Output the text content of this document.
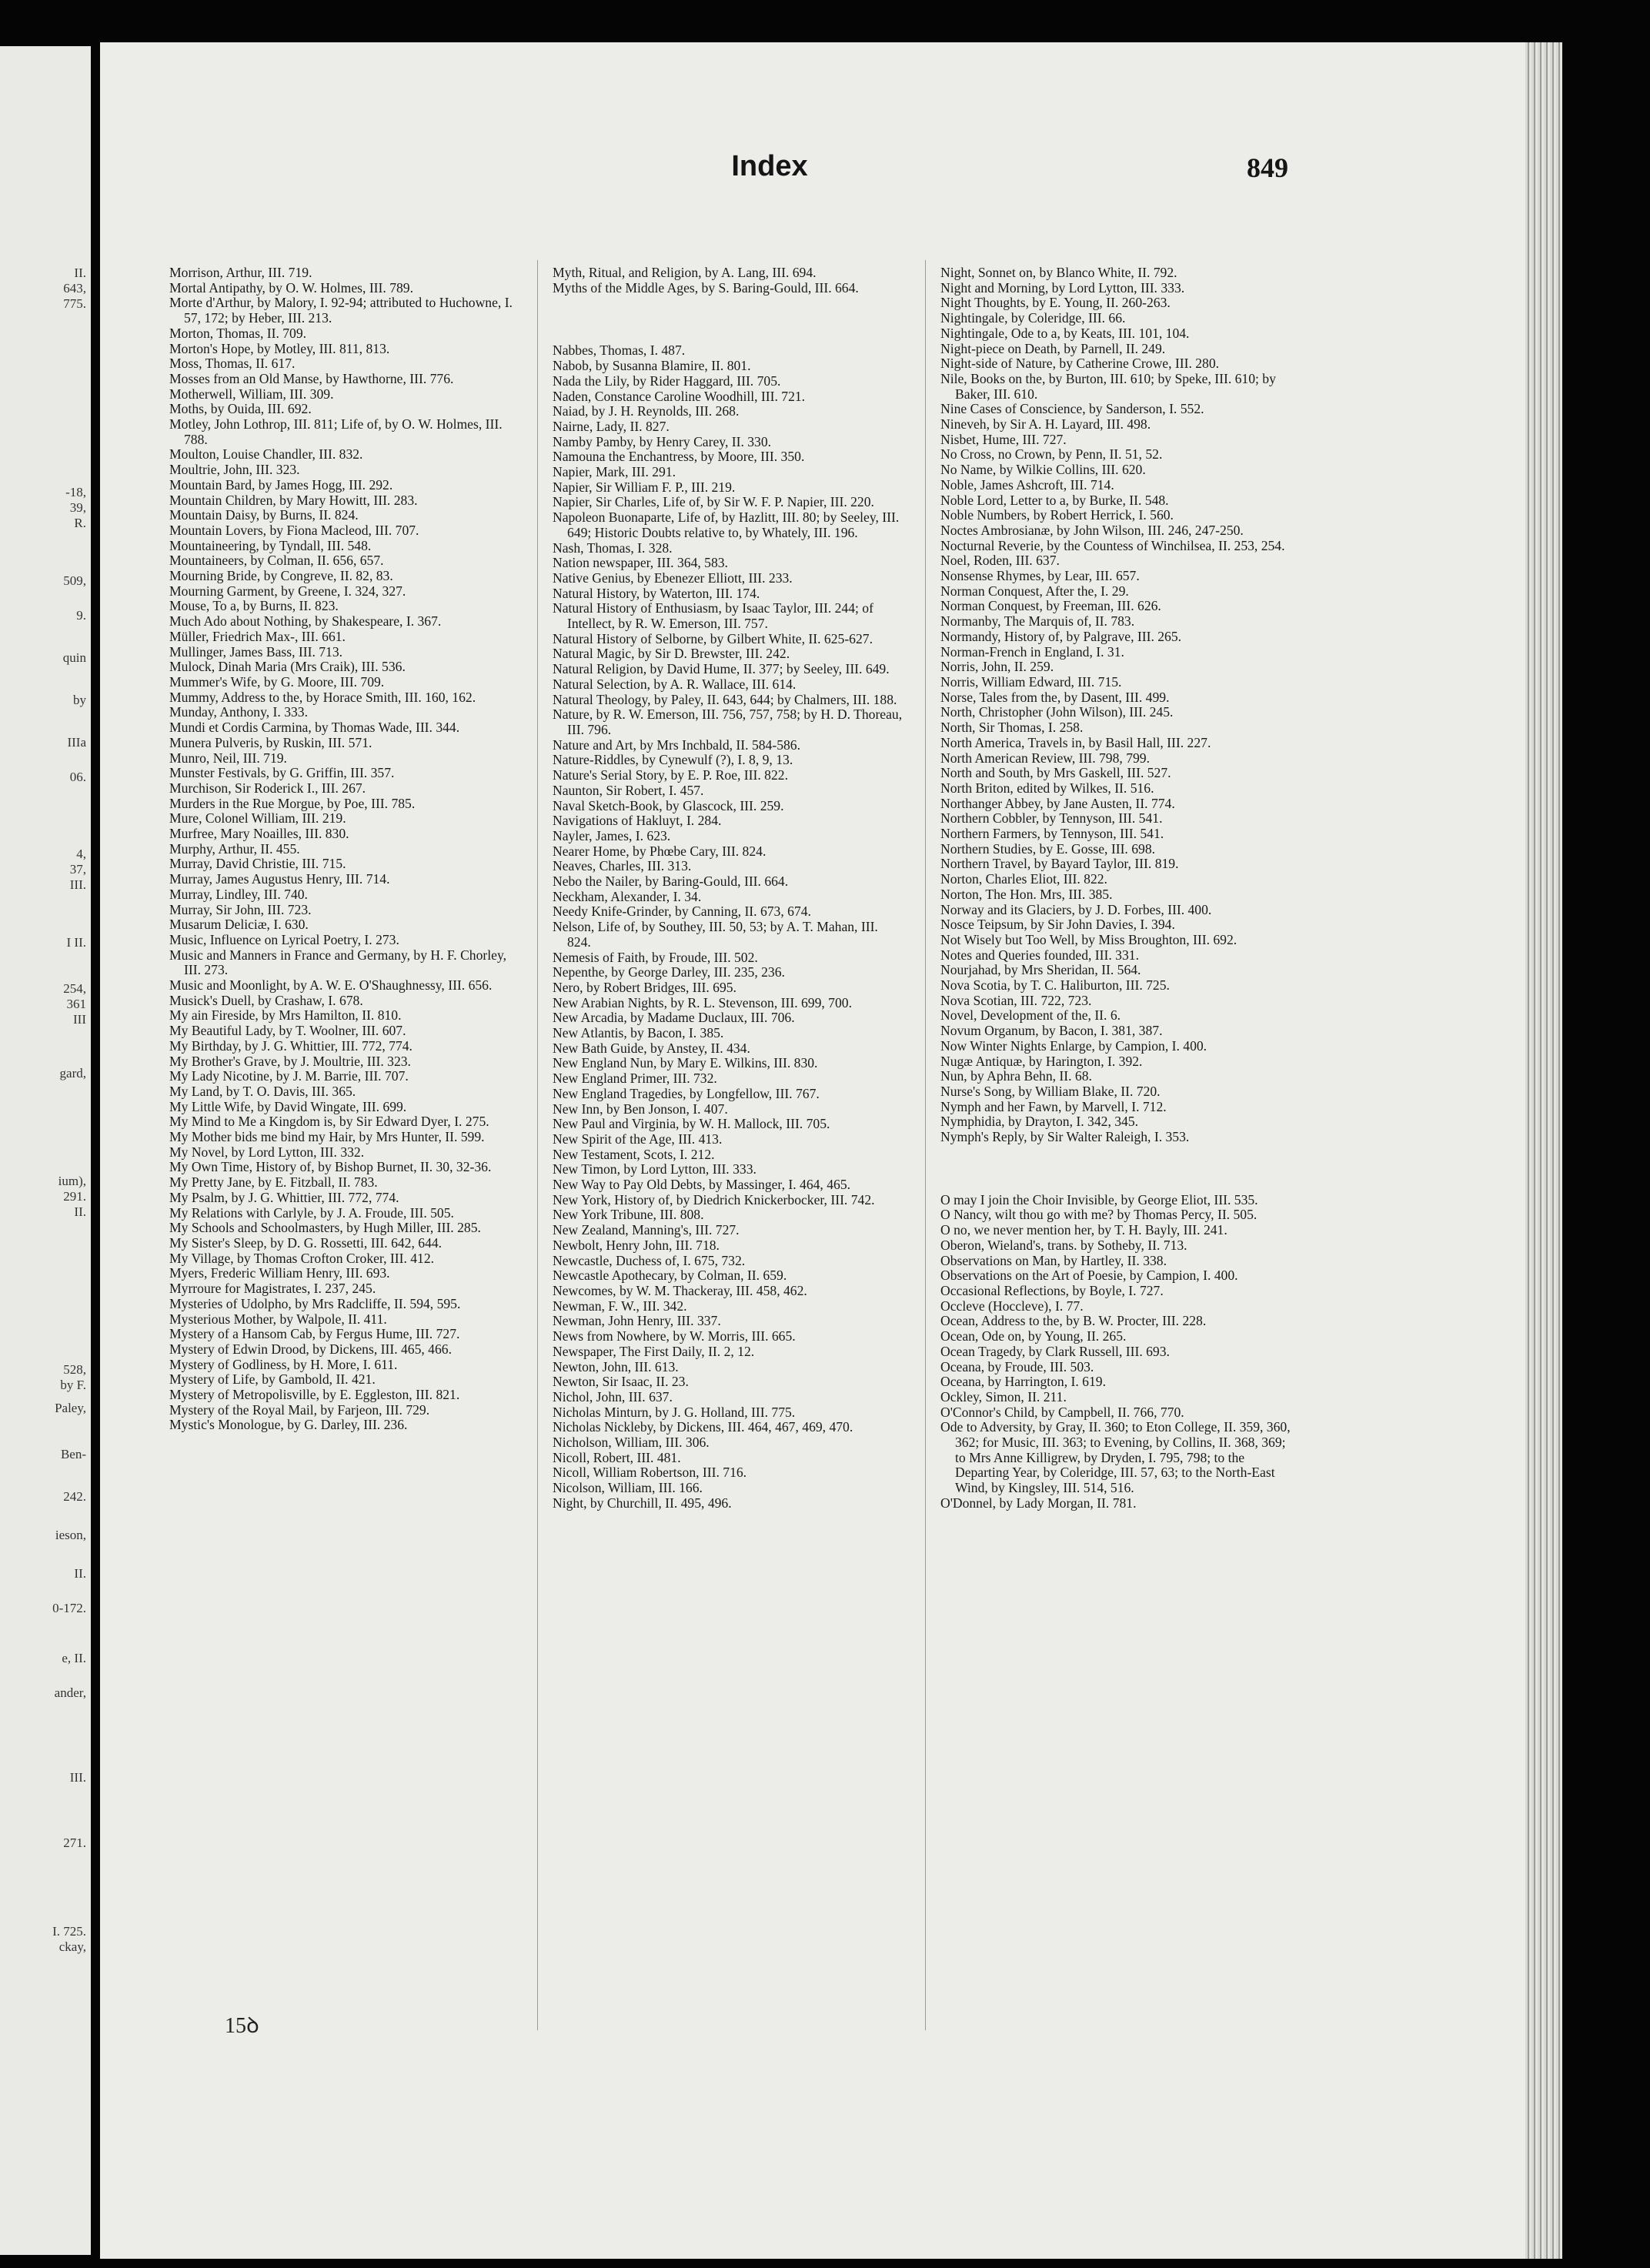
II.
643,
775.
-18,
39,
R.
509,
9.
quin
by
IIIa
06.
4,
37,
III.
I II.
254,
361
III
gard,
ium),
291.
II.
528,
by F.
Paley,
Ben-
242.
ieson,
II.
0-172.
e, II.
ander,
III.
271.
I. 725.
ckay,
Index	849

Morrison, Arthur, III. 719.

Mortal Antipathy, by O. W. Holmes, III. 789.

Morte d'Arthur, by Malory, I. 92-94; attributed to Huchowne, I. 57, 172; by Heber, III. 213.

Morton, Thomas, II. 709.

Morton's Hope, by Motley, III. 811, 813.

Moss, Thomas, II. 617.

Mosses from an Old Manse, by Hawthorne, III. 776.

Motherwell, William, III. 309.

Moths, by Ouida, III. 692.

Motley, John Lothrop, III. 811; Life of, by O. W. Holmes, III. 788.

Moulton, Louise Chandler, III. 832.

Moultrie, John, III. 323.

Mountain Bard, by James Hogg, III. 292.

Mountain Children, by Mary Howitt, III. 283.

Mountain Daisy, by Burns, II. 824.

Mountain Lovers, by Fiona Macleod, III. 707.

Mountaineering, by Tyndall, III. 548.

Mountaineers, by Colman, II. 656, 657.

Mourning Bride, by Congreve, II. 82, 83.

Mourning Garment, by Greene, I. 324, 327.

Mouse, To a, by Burns, II. 823.

Much Ado about Nothing, by Shakespeare, I. 367.

Müller, Friedrich Max-, III. 661.

Mullinger, James Bass, III. 713.

Mulock, Dinah Maria (Mrs Craik), III. 536.

Mummer's Wife, by G. Moore, III. 709.

Mummy, Address to the, by Horace Smith, III. 160, 162.

Munday, Anthony, I. 333.

Mundi et Cordis Carmina, by Thomas Wade, III. 344.

Munera Pulveris, by Ruskin, III. 571.

Munro, Neil, III. 719.

Munster Festivals, by G. Griffin, III. 357.

Murchison, Sir Roderick I., III. 267.

Murders in the Rue Morgue, by Poe, III. 785.

Mure, Colonel William, III. 219.

Murfree, Mary Noailles, III. 830.

Murphy, Arthur, II. 455.

Murray, David Christie, III. 715.

Murray, James Augustus Henry, III. 714.

Murray, Lindley, III. 740.

Murray, Sir John, III. 723.

Musarum Deliciæ, I. 630.

Music, Influence on Lyrical Poetry, I. 273.

Music and Manners in France and Germany, by H. F. Chorley, III. 273.

Music and Moonlight, by A. W. E. O'Shaughnessy, III. 656.

Musick's Duell, by Crashaw, I. 678.

My ain Fireside, by Mrs Hamilton, II. 810.

My Beautiful Lady, by T. Woolner, III. 607.

My Birthday, by J. G. Whittier, III. 772, 774.

My Brother's Grave, by J. Moultrie, III. 323.

My Lady Nicotine, by J. M. Barrie, III. 707.

My Land, by T. O. Davis, III. 365.

My Little Wife, by David Wingate, III. 699.

My Mind to Me a Kingdom is, by Sir Edward Dyer, I. 275.

My Mother bids me bind my Hair, by Mrs Hunter, II. 599.

My Novel, by Lord Lytton, III. 332.

My Own Time, History of, by Bishop Burnet, II. 30, 32-36.

My Pretty Jane, by E. Fitzball, II. 783.

My Psalm, by J. G. Whittier, III. 772, 774.

My Relations with Carlyle, by J. A. Froude, III. 505.

My Schools and Schoolmasters, by Hugh Miller, III. 285.

My Sister's Sleep, by D. G. Rossetti, III. 642, 644.

My Village, by Thomas Crofton Croker, III. 412.

Myers, Frederic William Henry, III. 693.

Myrroure for Magistrates, I. 237, 245.

Mysteries of Udolpho, by Mrs Radcliffe, II. 594, 595.

Mysterious Mother, by Walpole, II. 411.

Mystery of a Hansom Cab, by Fergus Hume, III. 727.

Mystery of Edwin Drood, by Dickens, III. 465, 466.

Mystery of Godliness, by H. More, I. 611.

Mystery of Life, by Gambold, II. 421.

Mystery of Metropolisville, by E. Eggleston, III. 821.

Mystery of the Royal Mail, by Farjeon, III. 729.

Mystic's Monologue, by G. Darley, III. 236.

Myth, Ritual, and Religion, by A. Lang, III. 694.

Myths of the Middle Ages, by S. Baring-Gould, III. 664.

Nabbes, Thomas, I. 487.

Nabob, by Susanna Blamire, II. 801.

Nada the Lily, by Rider Haggard, III. 705.

Naden, Constance Caroline Woodhill, III. 721.

Naiad, by J. H. Reynolds, III. 268.

Nairne, Lady, II. 827.

Namby Pamby, by Henry Carey, II. 330.

Namouna the Enchantress, by Moore, III. 350.

Napier, Mark, III. 291.

Napier, Sir William F. P., III. 219.

Napier, Sir Charles, Life of, by Sir W. F. P. Napier, III. 220.

Napoleon Buonaparte, Life of, by Hazlitt, III. 80; by Seeley, III. 649; Historic Doubts relative to, by Whately, III. 196.

Nash, Thomas, I. 328.

Nation newspaper, III. 364, 583.

Native Genius, by Ebenezer Elliott, III. 233.

Natural History, by Waterton, III. 174.

Natural History of Enthusiasm, by Isaac Taylor, III. 244; of Intellect, by R. W. Emerson, III. 757.

Natural History of Selborne, by Gilbert White, II. 625-627.

Natural Magic, by Sir D. Brewster, III. 242.

Natural Religion, by David Hume, II. 377; by Seeley, III. 649.

Natural Selection, by A. R. Wallace, III. 614.

Natural Theology, by Paley, II. 643, 644; by Chalmers, III. 188.

Nature, by R. W. Emerson, III. 756, 757, 758; by H. D. Thoreau, III. 796.

Nature and Art, by Mrs Inchbald, II. 584-586.

Nature-Riddles, by Cynewulf (?), I. 8, 9, 13.

Nature's Serial Story, by E. P. Roe, III. 822.

Naunton, Sir Robert, I. 457.

Naval Sketch-Book, by Glascock, III. 259.

Navigations of Hakluyt, I. 284.

Nayler, James, I. 623.

Nearer Home, by Phœbe Cary, III. 824.

Neaves, Charles, III. 313.

Nebo the Nailer, by Baring-Gould, III. 664.

Neckham, Alexander, I. 34.

Needy Knife-Grinder, by Canning, II. 673, 674.

Nelson, Life of, by Southey, III. 50, 53; by A. T. Mahan, III. 824.

Nemesis of Faith, by Froude, III. 502.

Nepenthe, by George Darley, III. 235, 236.

Nero, by Robert Bridges, III. 695.

New Arabian Nights, by R. L. Stevenson, III. 699, 700.

New Arcadia, by Madame Duclaux, III. 706.

New Atlantis, by Bacon, I. 385.

New Bath Guide, by Anstey, II. 434.

New England Nun, by Mary E. Wilkins, III. 830.

New England Primer, III. 732.

New England Tragedies, by Longfellow, III. 767.

New Inn, by Ben Jonson, I. 407.

New Paul and Virginia, by W. H. Mallock, III. 705.

New Spirit of the Age, III. 413.

New Testament, Scots, I. 212.

New Timon, by Lord Lytton, III. 333.

New Way to Pay Old Debts, by Massinger, I. 464, 465.

New York, History of, by Diedrich Knickerbocker, III. 742.

New York Tribune, III. 808.

New Zealand, Manning's, III. 727.

Newbolt, Henry John, III. 718.

Newcastle, Duchess of, I. 675, 732.

Newcastle Apothecary, by Colman, II. 659.

Newcomes, by W. M. Thackeray, III. 458, 462.

Newman, F. W., III. 342.

Newman, John Henry, III. 337.

News from Nowhere, by W. Morris, III. 665.

Newspaper, The First Daily, II. 2, 12.

Newton, John, III. 613.

Newton, Sir Isaac, II. 23.

Nichol, John, III. 637.

Nicholas Minturn, by J. G. Holland, III. 775.

Nicholas Nickleby, by Dickens, III. 464, 467, 469, 470.

Nicholson, William, III. 306.

Nicoll, Robert, III. 481.

Nicoll, William Robertson, III. 716.

Nicolson, William, III. 166.

Night, by Churchill, II. 495, 496.

Night, Sonnet on, by Blanco White, II. 792.

Night and Morning, by Lord Lytton, III. 333.

Night Thoughts, by E. Young, II. 260-263.

Nightingale, by Coleridge, III. 66.

Nightingale, Ode to a, by Keats, III. 101, 104.

Night-piece on Death, by Parnell, II. 249.

Night-side of Nature, by Catherine Crowe, III. 280.

Nile, Books on the, by Burton, III. 610; by Speke, III. 610; by Baker, III. 610.

Nine Cases of Conscience, by Sanderson, I. 552.

Nineveh, by Sir A. H. Layard, III. 498.

Nisbet, Hume, III. 727.

No Cross, no Crown, by Penn, II. 51, 52.

No Name, by Wilkie Collins, III. 620.

Noble, James Ashcroft, III. 714.

Noble Lord, Letter to a, by Burke, II. 548.

Noble Numbers, by Robert Herrick, I. 560.

Noctes Ambrosianæ, by John Wilson, III. 246, 247-250.

Nocturnal Reverie, by the Countess of Winchilsea, II. 253, 254.

Noel, Roden, III. 637.

Nonsense Rhymes, by Lear, III. 657.

Norman Conquest, After the, I. 29.

Norman Conquest, by Freeman, III. 626.

Normanby, The Marquis of, II. 783.

Normandy, History of, by Palgrave, III. 265.

Norman-French in England, I. 31.

Norris, John, II. 259.

Norris, William Edward, III. 715.

Norse, Tales from the, by Dasent, III. 499.

North, Christopher (John Wilson), III. 245.

North, Sir Thomas, I. 258.

North America, Travels in, by Basil Hall, III. 227.

North American Review, III. 798, 799.

North and South, by Mrs Gaskell, III. 527.

North Briton, edited by Wilkes, II. 516.

Northanger Abbey, by Jane Austen, II. 774.

Northern Cobbler, by Tennyson, III. 541.

Northern Farmers, by Tennyson, III. 541.

Northern Studies, by E. Gosse, III. 698.

Northern Travel, by Bayard Taylor, III. 819.

Norton, Charles Eliot, III. 822.

Norton, The Hon. Mrs, III. 385.

Norway and its Glaciers, by J. D. Forbes, III. 400.

Nosce Teipsum, by Sir John Davies, I. 394.

Not Wisely but Too Well, by Miss Broughton, III. 692.

Notes and Queries founded, III. 331.

Nourjahad, by Mrs Sheridan, II. 564.

Nova Scotia, by T. C. Haliburton, III. 725.

Nova Scotian, III. 722, 723.

Novel, Development of the, II. 6.

Novum Organum, by Bacon, I. 381, 387.

Now Winter Nights Enlarge, by Campion, I. 400.

Nugæ Antiquæ, by Harington, I. 392.

Nun, by Aphra Behn, II. 68.

Nurse's Song, by William Blake, II. 720.

Nymph and her Fawn, by Marvell, I. 712.

Nymphidia, by Drayton, I. 342, 345.

Nymph's Reply, by Sir Walter Raleigh, I. 353.

O may I join the Choir Invisible, by George Eliot, III. 535.

O Nancy, wilt thou go with me? by Thomas Percy, II. 505.

O no, we never mention her, by T. H. Bayly, III. 241.

Oberon, Wieland's, trans. by Sotheby, II. 713.

Observations on Man, by Hartley, II. 338.

Observations on the Art of Poesie, by Campion, I. 400.

Occasional Reflections, by Boyle, I. 727.

Occleve (Hoccleve), I. 77.

Ocean, Address to the, by B. W. Procter, III. 228.

Ocean, Ode on, by Young, II. 265.

Ocean Tragedy, by Clark Russell, III. 693.

Oceana, by Froude, III. 503.

Oceana, by Harrington, I. 619.

Ockley, Simon, II. 211.

O'Connor's Child, by Campbell, II. 766, 770.

Ode to Adversity, by Gray, II. 360; to Eton College, II. 359, 360, 362; for Music, III. 363; to Evening, by Collins, II. 368, 369; to Mrs Anne Killigrew, by Dryden, I. 795, 798; to the Departing Year, by Coleridge, III. 57, 63; to the North-East Wind, by Kingsley, III. 514, 516.

O'Donnel, by Lady Morgan, II. 781.

15ꝺ
